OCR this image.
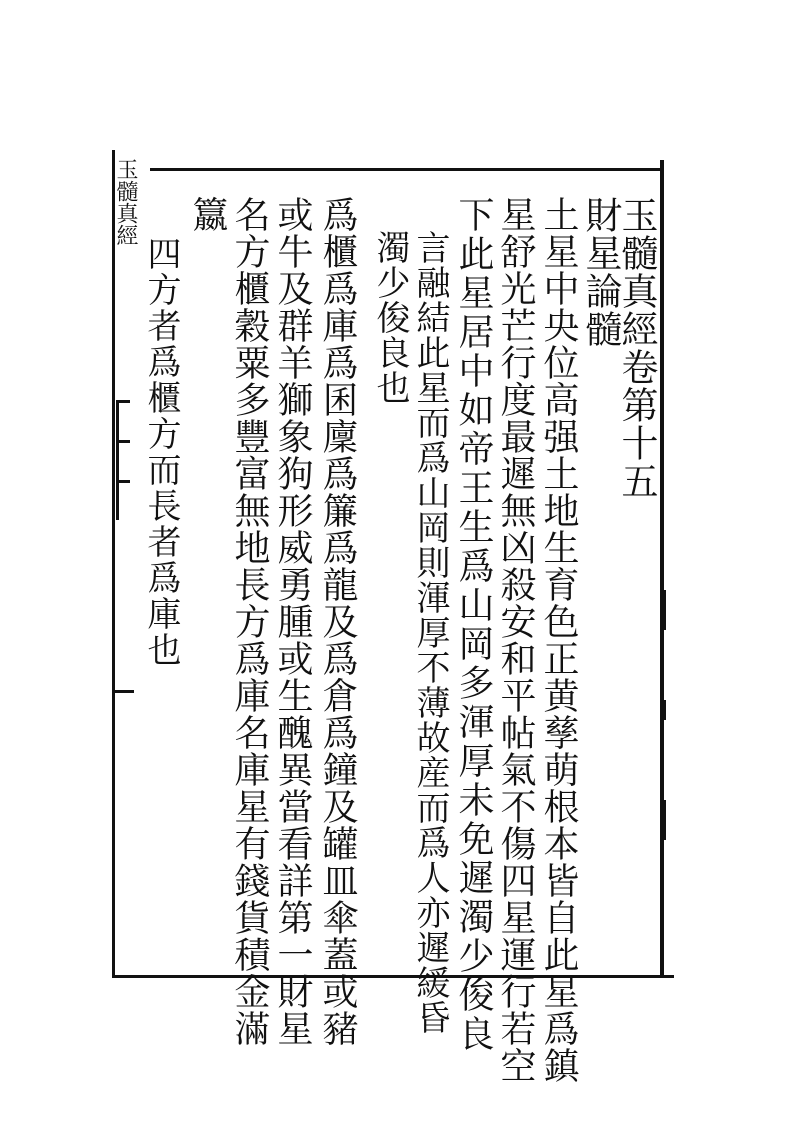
玉髓真經	玉髓真經卷第十五
財星論髓
土星中央位高强土地生育色正黄孳萌根本皆自此星爲鎮
星舒光芒行度最遲無凶殺安和平帖氣不傷四星運行若空
下此星居中如帝王生爲山岡多渾厚未免遲濁少俊良
言融結此星而爲山岡則渾厚不薄故産而爲人亦遲緩昏
濁少俊良也
爲櫃爲庫爲囷廩爲簾爲龍及爲倉爲鐘及罐皿傘蓋或豬
或牛及群羊獅象狗形威勇腫或生醜異當看詳第一財星
名方櫃穀粟多豐富無地長方爲庫名庫星有錢貨積金滿
籝
四方者爲櫃方而長者爲庫也
